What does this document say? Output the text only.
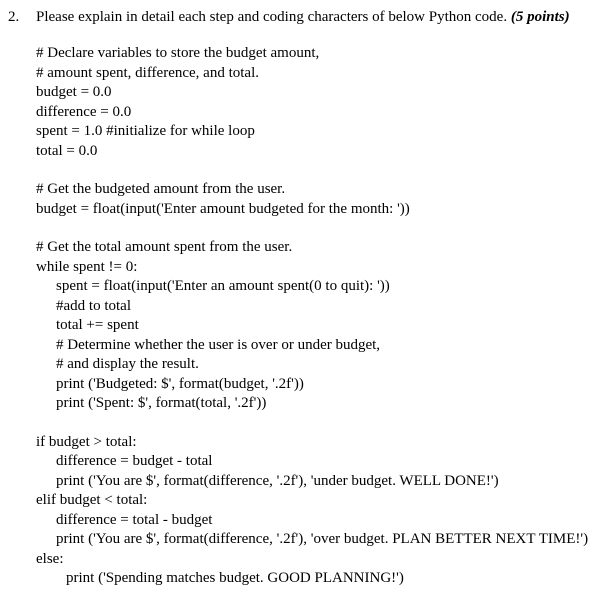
2. Please explain in detail each step and coding characters of below Python code. (5 points)
# Declare variables to store the budget amount,
# amount spent, difference, and total.
budget = 0.0
difference = 0.0
spent = 1.0 #initialize for while loop
total = 0.0
# Get the budgeted amount from the user.
budget = float(input('Enter amount budgeted for the month: '))
# Get the total amount spent from the user.
while spent != 0:
spent = float(input('Enter an amount spent(0 to quit): '))
#add to total
total += spent
# Determine whether the user is over or under budget,
# and display the result.
print ('Budgeted: $', format(budget, '.2f'))
print ('Spent: $', format(total, '.2f'))
if budget > total:
difference = budget - total
print ('You are $', format(difference, '.2f'), 'under budget. WELL DONE!')
elif budget < total:
difference = total - budget
print ('You are $', format(difference, '.2f'), 'over budget. PLAN BETTER NEXT TIME!')
else:
print ('Spending matches budget. GOOD PLANNING!')
